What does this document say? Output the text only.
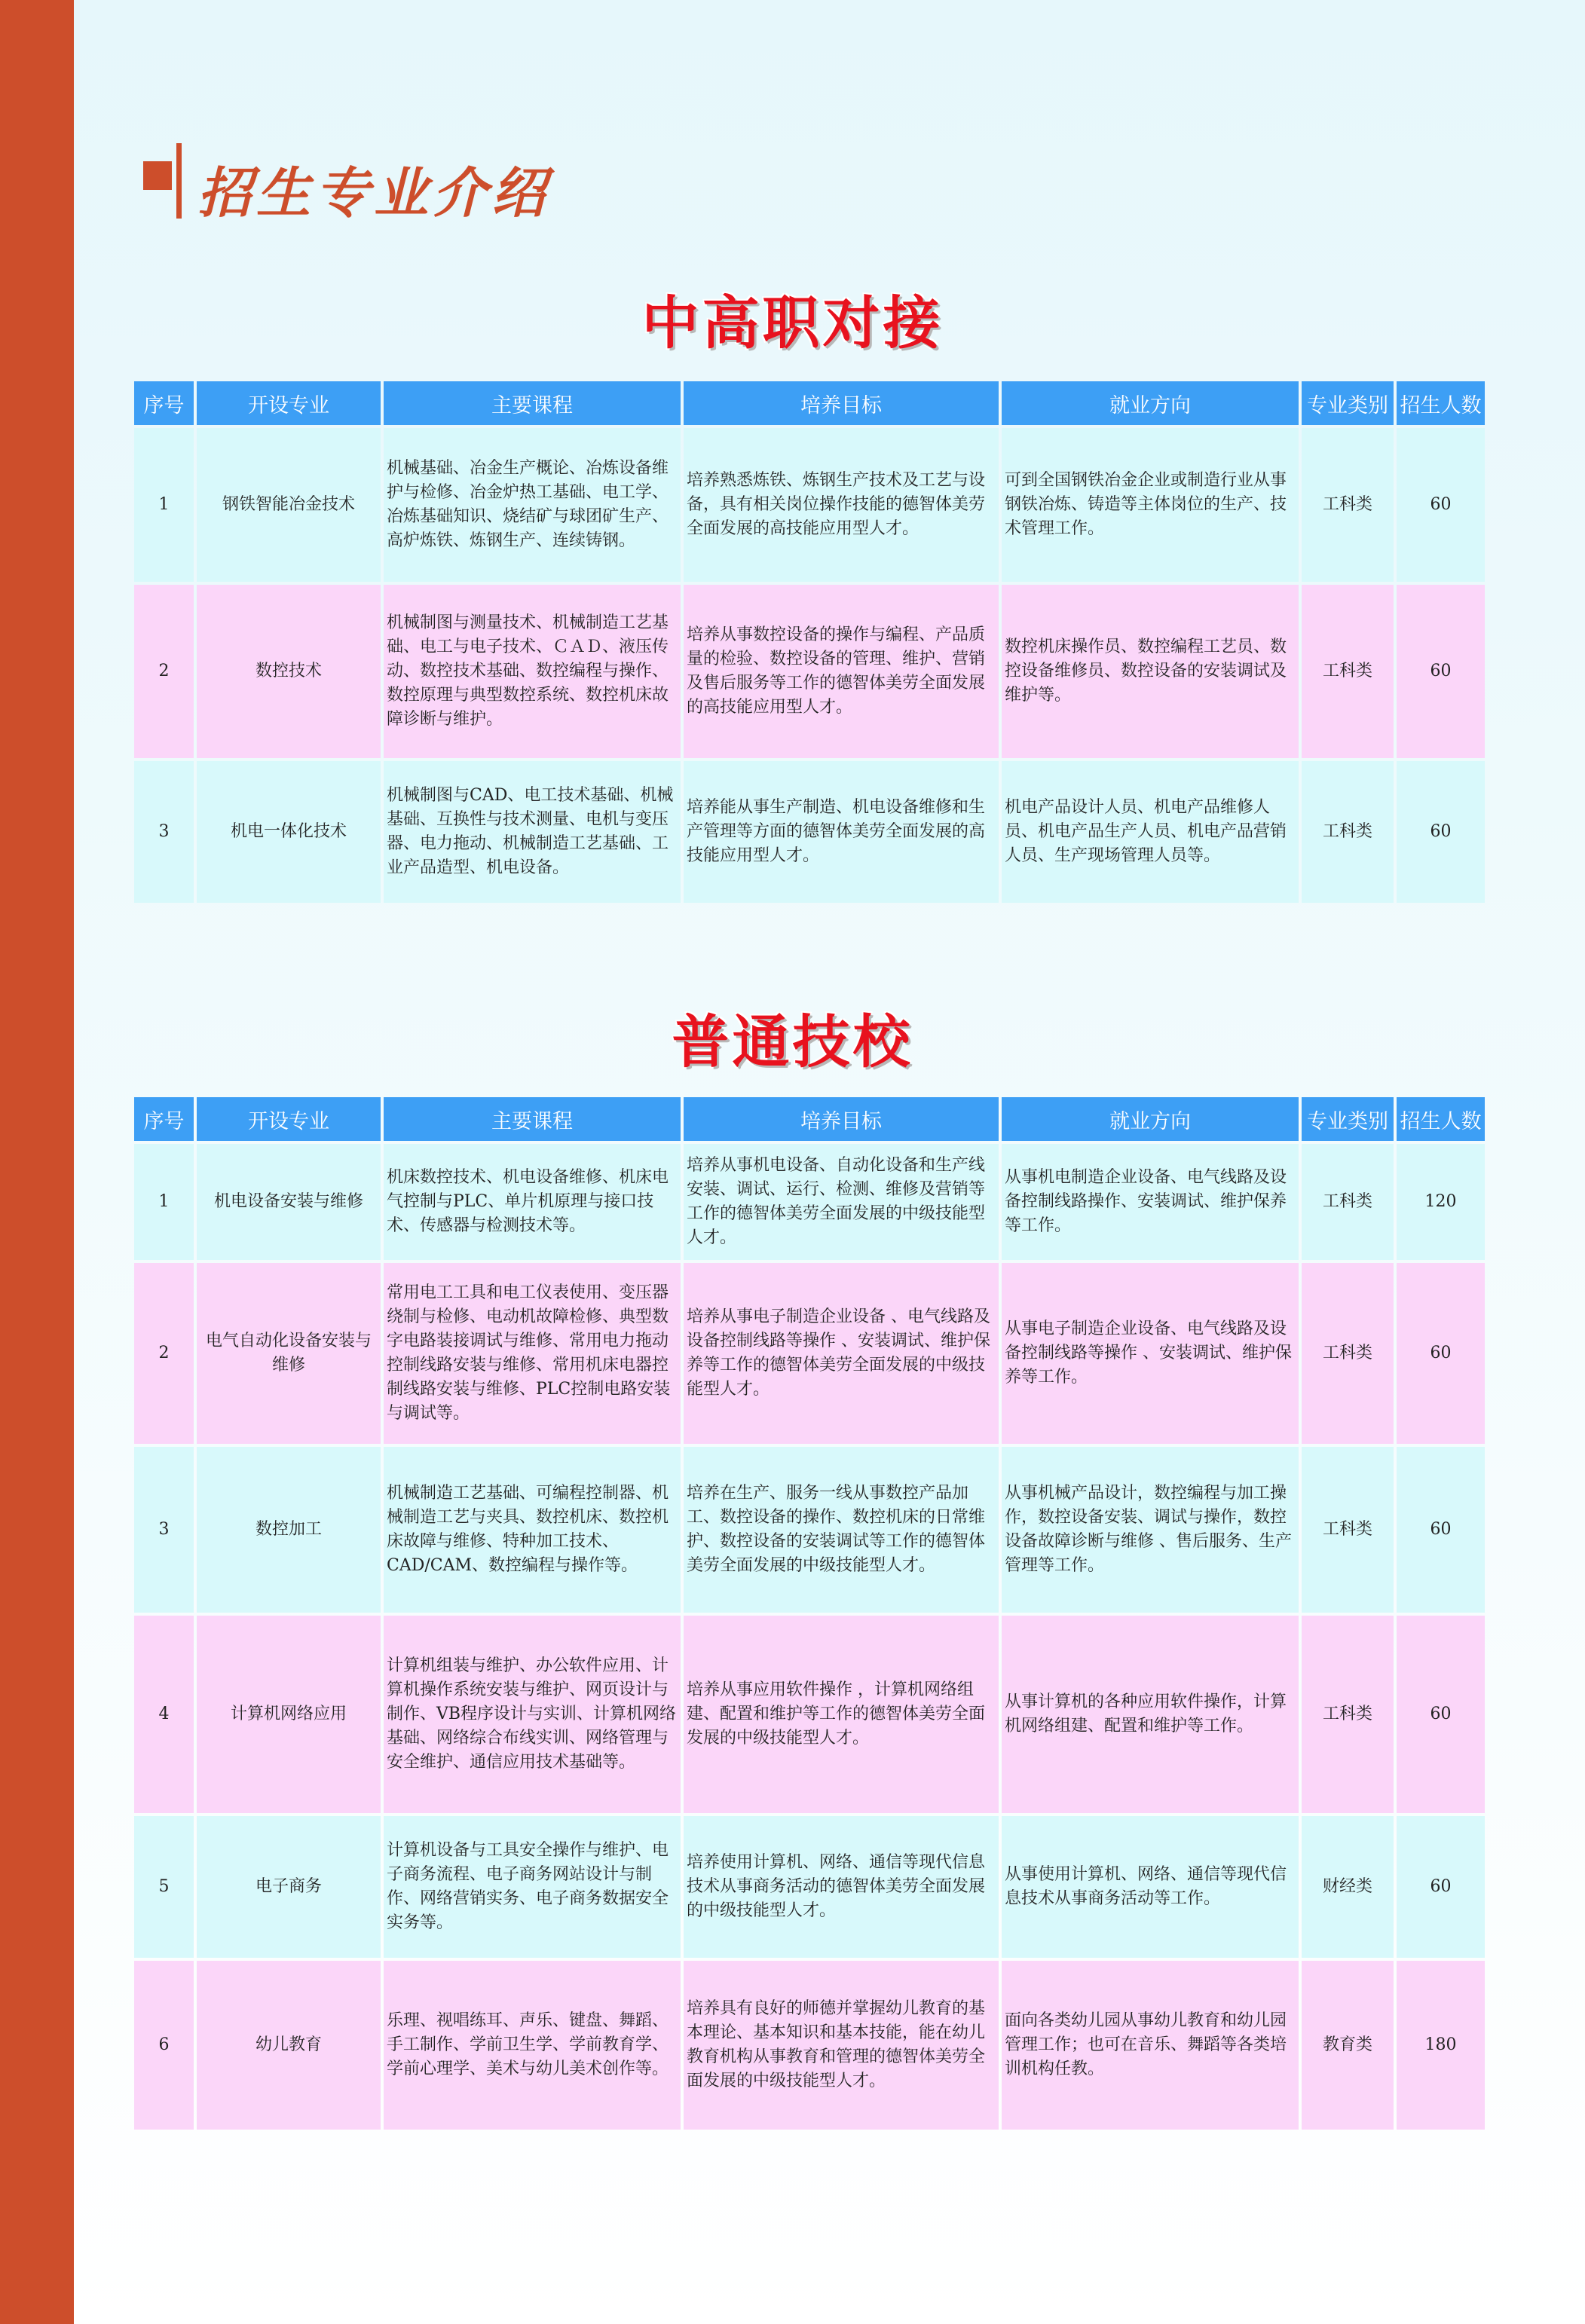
招生专业介绍
中高职对接
序号	开设专业	主要课程	培养目标	就业方向	专业类别	招生人数
1	钢铁智能冶金技术	机械基础、冶金生产概论、冶炼设备维护与检修、冶金炉热工基础、电工学、冶炼基础知识、烧结矿与球团矿生产、高炉炼铁、炼钢生产、连续铸钢。	培养熟悉炼铁、炼钢生产技术及工艺与设备，具有相关岗位操作技能的德智体美劳全面发展的高技能应用型人才。	可到全国钢铁冶金企业或制造行业从事钢铁冶炼、铸造等主体岗位的生产、技术管理工作。	工科类	60
2	数控技术	机械制图与测量技术、机械制造工艺基础、电工与电子技术、ＣＡＤ、液压传动、数控技术基础、数控编程与操作、数控原理与典型数控系统、数控机床故障诊断与维护。	培养从事数控设备的操作与编程、产品质量的检验、数控设备的管理、维护、营销及售后服务等工作的德智体美劳全面发展的高技能应用型人才。	数控机床操作员、数控编程工艺员、数控设备维修员、数控设备的安装调试及维护等。	工科类	60
3	机电一体化技术	机械制图与CAD、电工技术基础、机械基础、互换性与技术测量、电机与变压器、电力拖动、机械制造工艺基础、工业产品造型、机电设备。	培养能从事生产制造、机电设备维修和生产管理等方面的德智体美劳全面发展的高技能应用型人才。	机电产品设计人员、机电产品维修人员、机电产品生产人员、机电产品营销人员、生产现场管理人员等。	工科类	60
普通技校
序号	开设专业	主要课程	培养目标	就业方向	专业类别	招生人数
1	机电设备安装与维修	机床数控技术、机电设备维修、机床电气控制与PLC、单片机原理与接口技术、传感器与检测技术等。	培养从事机电设备、自动化设备和生产线安装、调试、运行、检测、维修及营销等工作的德智体美劳全面发展的中级技能型人才。	从事机电制造企业设备、电气线路及设备控制线路操作、安装调试、维护保养等工作。	工科类	120
2	电气自动化设备安装与维修	常用电工工具和电工仪表使用、变压器绕制与检修、电动机故障检修、典型数字电路装接调试与维修、常用电力拖动控制线路安装与维修、常用机床电器控制线路安装与维修、PLC控制电路安装与调试等。	培养从事电子制造企业设备 、电气线路及设备控制线路等操作 、安装调试、维护保养等工作的德智体美劳全面发展的中级技能型人才。	从事电子制造企业设备、电气线路及设备控制线路等操作 、安装调试、维护保养等工作。	工科类	60
3	数控加工	机械制造工艺基础、可编程控制器、机械制造工艺与夹具、数控机床、数控机床故障与维修、特种加工技术、CAD/CAM、数控编程与操作等。	培养在生产、服务一线从事数控产品加工、数控设备的操作、数控机床的日常维护、数控设备的安装调试等工作的德智体美劳全面发展的中级技能型人才。	从事机械产品设计，数控编程与加工操作，数控设备安装、调试与操作，数控设备故障诊断与维修 、售后服务、生产管理等工作。	工科类	60
4	计算机网络应用	计算机组装与维护、办公软件应用、计算机操作系统安装与维护、网页设计与制作、VB程序设计与实训、计算机网络基础、网络综合布线实训、网络管理与安全维护、通信应用技术基础等。	培养从事应用软件操作 ，计算机网络组建、配置和维护等工作的德智体美劳全面发展的中级技能型人才。	从事计算机的各种应用软件操作，计算机网络组建、配置和维护等工作。	工科类	60
5	电子商务	计算机设备与工具安全操作与维护、电子商务流程、电子商务网站设计与制作、网络营销实务、电子商务数据安全实务等。	培养使用计算机、网络、通信等现代信息技术从事商务活动的德智体美劳全面发展的中级技能型人才。	从事使用计算机、网络、通信等现代信息技术从事商务活动等工作。	财经类	60
6	幼儿教育	乐理、视唱练耳、声乐、键盘、舞蹈、手工制作、学前卫生学、学前教育学、学前心理学、美术与幼儿美术创作等。	培养具有良好的师德并掌握幼儿教育的基本理论、基本知识和基本技能，能在幼儿教育机构从事教育和管理的德智体美劳全面发展的中级技能型人才。	面向各类幼儿园从事幼儿教育和幼儿园管理工作；也可在音乐、舞蹈等各类培训机构任教。	教育类	180
